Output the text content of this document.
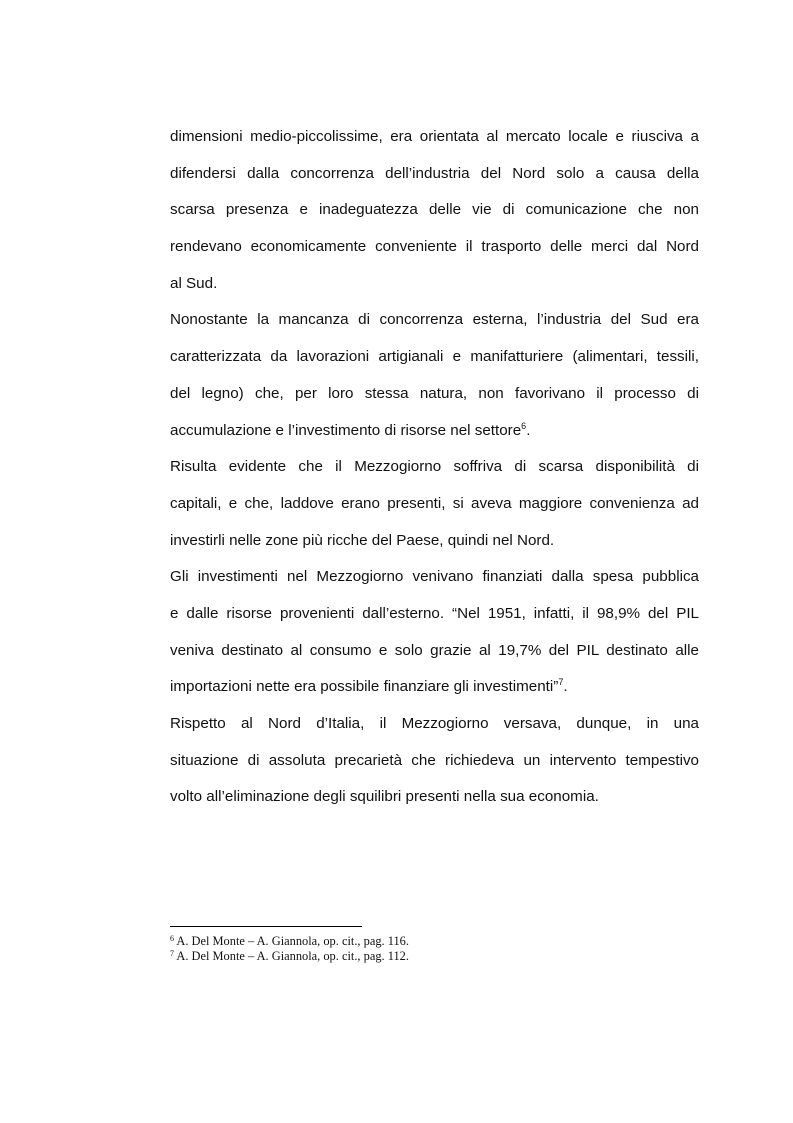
dimensioni medio-piccolissime, era orientata al mercato locale e riusciva a
difendersi dalla concorrenza dell’industria del Nord solo a causa della
scarsa presenza e inadeguatezza delle vie di comunicazione che non
rendevano economicamente conveniente il trasporto delle merci dal Nord
al Sud.
Nonostante la mancanza di concorrenza esterna, l’industria del Sud era
caratterizzata da lavorazioni artigianali e manifatturiere (alimentari, tessili,
del legno) che, per loro stessa natura, non favorivano il processo di
accumulazione e l’investimento di risorse nel settore$^6$.
Risulta evidente che il Mezzogiorno soffriva di scarsa disponibilità di
capitali, e che, laddove erano presenti, si aveva maggiore convenienza ad
investirli nelle zone più ricche del Paese, quindi nel Nord.
Gli investimenti nel Mezzogiorno venivano finanziati dalla spesa pubblica
e dalle risorse provenienti dall’esterno. “Nel 1951, infatti, il 98,9% del PIL
veniva destinato al consumo e solo grazie al 19,7% del PIL destinato alle
importazioni nette era possibile finanziare gli investimenti”$^7$.
Rispetto al Nord d’Italia, il Mezzogiorno versava, dunque, in una
situazione di assoluta precarietà che richiedeva un intervento tempestivo
volto all’eliminazione degli squilibri presenti nella sua economia.
$^6$ A. Del Monte – A. Giannola, op. cit., pag. 116.
$^7$ A. Del Monte – A. Giannola, op. cit., pag. 112.
